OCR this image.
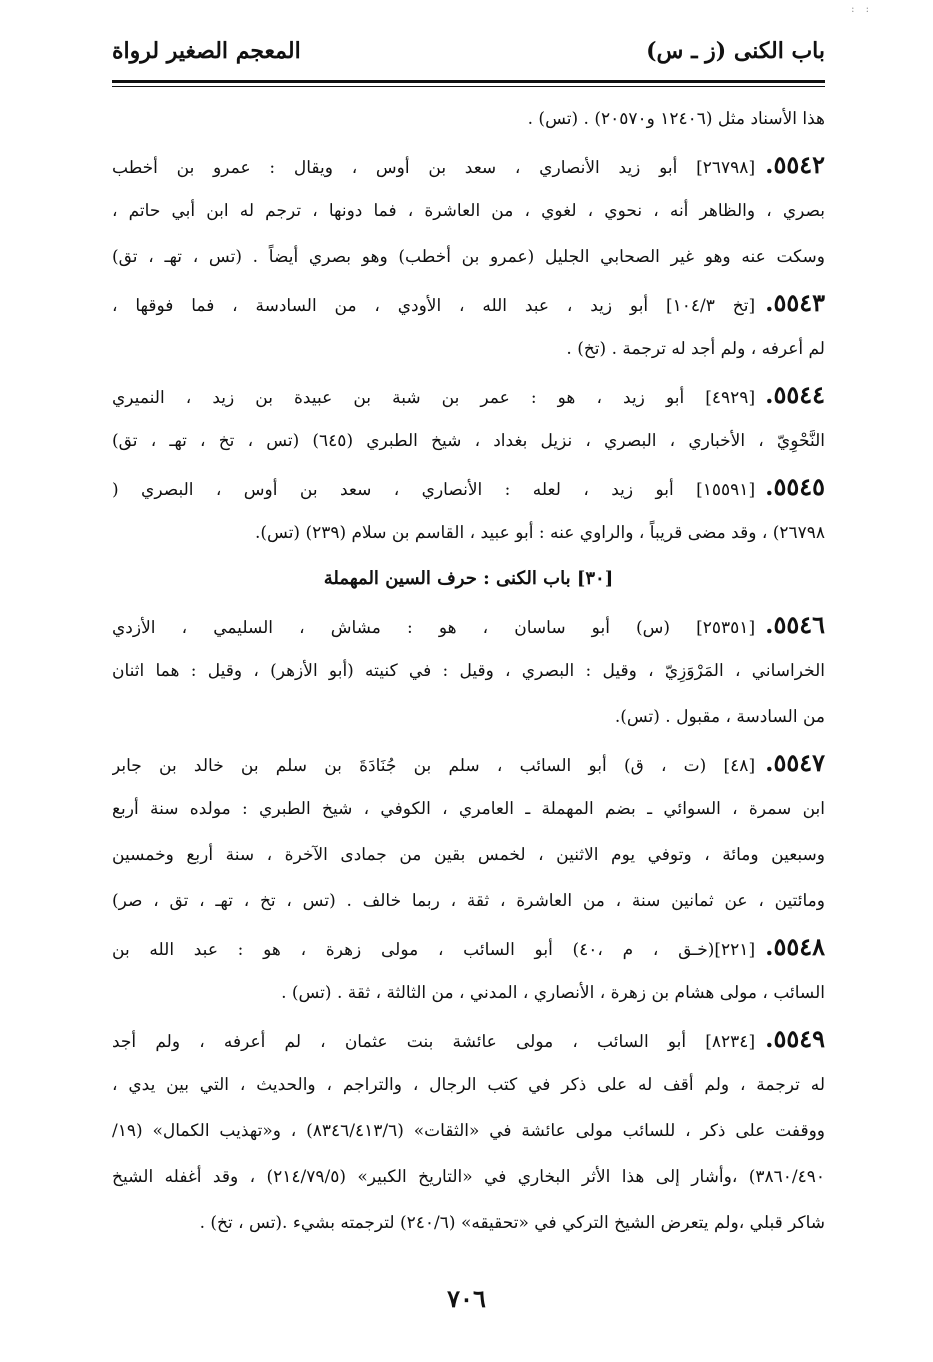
: :
باب الكنى (ز ـ س)
المعجم الصغير لرواة
هذا الأسناد مثل (١٢٤٠٦ و٢٠٥٧٠) . (تس) .
٥٥٤٢.[٢٦٧٩٨] أبو زيد الأنصاري ، سعد بن أوس ، ويقال : عمرو بن أخطب
بصري ، والظاهر أنه ، نحوي ، لغوي ، من العاشرة ، فما دونها ، ترجم له ابن أبي حاتم ،
وسكت عنه وهو غير الصحابي الجليل (عمرو بن أخطب) وهو بصري أيضاً . (تس ، تهـ ، تق)
٥٥٤٣.[تخ ١٠٤/٣] أبو زيد ، عبد الله ، الأودي ، من السادسة ، فما فوقها ،
لم أعرفه ، ولم أجد له ترجمة . (تخ) .
٥٥٤٤.[٤٩٢٩] أبو زيد ، هو : عمر بن شبة بن عبيدة بن زيد ، النميري
النَّحْوِيّ ، الأخباري ، البصري ، نزيل بغداد ، شيخ الطبري (٦٤٥) (تس ، تخ ، تهـ ، تق)
٥٥٤٥.[١٥٥٩١] أبو زيد ، لعله : الأنصاري ، سعد بن أوس ، البصري (
٢٦٧٩٨) ، وقد مضى قريباً ، والراوي عنه : أبو عبيد ، القاسم بن سلام (٢٣٩) (تس).
[٣٠] باب الكنى : حرف السين المهملة
٥٥٤٦.[٢٥٣٥١] (س) أبو ساسان ، هو : مشاش ، السليمي ، الأزدي
الخراساني ، المَرْوَزِيّ ، وقيل : البصري ، وقيل : في كنيته (أبو الأزهر) ، وقيل : هما اثنان
من السادسة ، مقبول . (تس).
٥٥٤٧.[٤٨] (ت ، ق) أبو السائب ، سلم بن جُنَادَةَ بن سلم بن خالد بن جابر
ابن سمرة ، السوائي ـ بضم المهملة ـ العامري ، الكوفي ، شيخ الطبري : مولده سنة أربع
وسبعين ومائة ، وتوفي يوم الاثنين ، لخمس بقين من جمادى الآخرة ، سنة أربع وخمسين
ومائتين ، عن ثمانين سنة ، من العاشرة ، ثقة ، ربما خالف . (تس ، تخ ، تهـ ، تق ، صر)
٥٥٤٨.[٢٢١](خـق ، م ،٤٠) أبو السائب ، مولى زهرة ، هو : عبد الله بن
السائب ، مولى هشام بن زهرة ، الأنصاري ، المدني ، من الثالثة ، ثقة . (تس) .
٥٥٤٩.[٨٢٣٤] أبو السائب ، مولى عائشة بنت عثمان ، لم أعرفه ، ولم أجد
له ترجمة ، ولم أقف له على ذكر في كتب الرجال ، والتراجم ، والحديث ، التي بين يدي ،
ووقفت على ذكر ، للسائب مولى عائشة في «الثقات» (٨٣٤٦/٤١٣/٦) ، و«تهذيب الكمال» (١٩/
٣٨٦٠/٤٩٠) ،وأشار إلى هذا الأثر البخاري في «التاريخ الكبير» (٢١٤/٧٩/٥) ، وقد أغفله الشيخ
شاكر قبلي ،ولم يتعرض الشيخ التركي في «تحقيقه» (٢٤٠/٦) لترجمته بشيء .(تس ، تخ) .
٧٠٦
